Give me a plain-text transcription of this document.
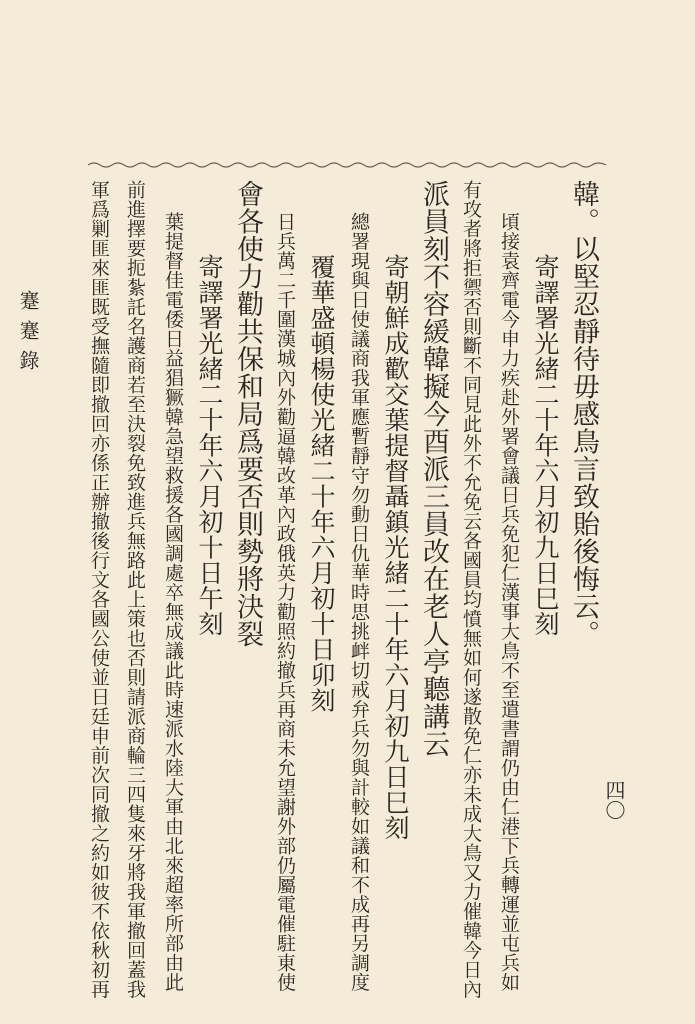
蹇蹇錄
四〇
韓。以堅忍靜待毋感鳥言致貽後悔云。
寄譯署光緒二十年六月初九日巳刻
頃接袁齊電今申力疾赴外署會議日兵免犯仁漢事大鳥不至遣書謂仍由仁港下兵轉運並屯兵如
有攻者將拒禦否則斷不同見此外不允免云各國員均憤無如何遂散免仁亦未成大鳥又力催韓今日內
派員刻不容緩韓擬今酉派三員改在老人亭聽講云
寄朝鮮成歡交葉提督聶鎮光緒二十年六月初九日巳刻
總署現與日使議商我軍應暫靜守勿動日仇華時思挑衅切戒弁兵勿與計較如議和不成再另調度
覆華盛頓楊使光緒二十年六月初十日卯刻
日兵萬二千圍漢城內外勸逼韓改革內政俄英力勸照約撤兵再商未允望謝外部仍屬電催駐東使
會各使力勸共保和局爲要否則勢將決裂
寄譯署光緒二十年六月初十日午刻
葉提督佳電倭日益猖獗韓急望救援各國調處卒無成議此時速派水陸大軍由北來超率所部由此
前進擇要扼紮託名護商若至決裂免致進兵無路此上策也否則請派商輪三四隻來牙將我軍撤回蓋我
軍爲剿匪來匪既受撫隨即撤回亦係正辦撤後行文各國公使並日廷申前次同撤之約如彼不依秋初再
